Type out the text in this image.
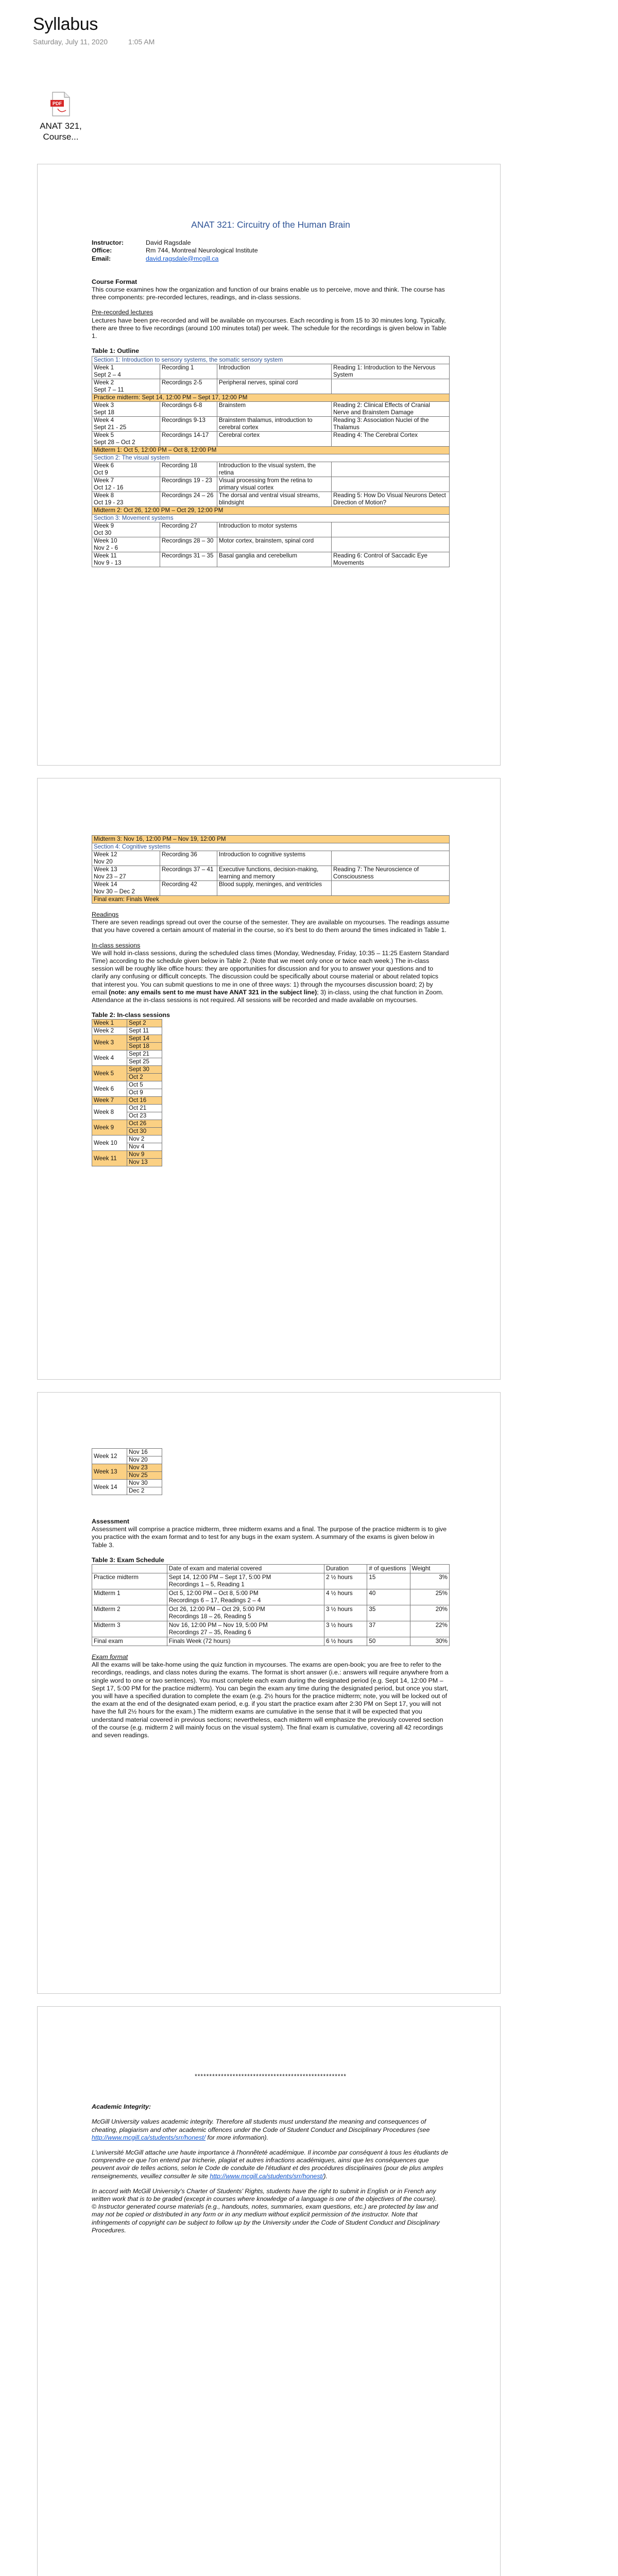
Syllabus
Saturday, July 11, 2020	1:05 AM
PDF
ANAT 321,
Course...
ANAT 321: Circuitry of the Human Brain
Instructor:	David Ragsdale
Office:	Rm 744, Montreal Neurological Institute
Email:	david.ragsdale@mcgill.ca
Course Format

This course examines how the organization and function of our brains enable us to perceive, move and think. The course has three components: pre-recorded lectures, readings, and in-class sessions.

Pre-recorded lectures

Lectures have been pre-recorded and will be available on mycourses. Each recording is from 15 to 30 minutes long. Typically, there are three to five recordings (around 100 minutes total) per week. The schedule for the recordings is given below in Table 1.

Table 1: Outline
Section 1: Introduction to sensory systems, the somatic sensory system			
Week 1
Sept 2 – 4	Recording 1	Introduction	Reading 1: Introduction to the Nervous System
Week 2
Sept 7 – 11	Recordings 2-5	Peripheral nerves, spinal cord	
Practice midterm: Sept 14, 12:00 PM – Sept 17, 12:00 PM			
Week 3
Sept 18	Recordings 6-8	Brainstem	Reading 2: Clinical Effects of Cranial Nerve and Brainstem Damage
Week 4
Sept 21 - 25	Recordings 9-13	Brainstem thalamus, introduction to cerebral cortex	Reading 3: Association Nuclei of the Thalamus
Week 5
Sept 28 – Oct 2	Recordings 14-17	Cerebral cortex	Reading 4: The Cerebral Cortex
Midterm 1: Oct 5, 12:00 PM – Oct 8, 12:00 PM			
Section 2: The visual system			
Week 6
Oct 9	Recording 18	Introduction to the visual system, the retina	
Week 7
Oct 12 - 16	Recordings 19 - 23	Visual processing from the retina to primary visual cortex	
Week 8
Oct 19 - 23	Recordings 24 – 26	The dorsal and ventral visual streams, blindsight	Reading 5: How Do Visual Neurons Detect Direction of Motion?
Midterm 2: Oct 26, 12:00 PM – Oct 29, 12:00 PM			
Section 3: Movement systems			
Week 9
Oct 30	Recording 27	Introduction to motor systems	
Week 10
Nov 2 - 6	Recordings 28 – 30	Motor cortex, brainstem, spinal cord	
Week 11
Nov 9 - 13	Recordings 31 – 35	Basal ganglia and cerebellum	Reading 6: Control of Saccadic Eye Movements
Midterm 3: Nov 16, 12:00 PM – Nov 19, 12:00 PM			
Section 4: Cognitive systems			
Week 12
Nov 20	Recording 36	Introduction to cognitive systems	
Week 13
Nov 23 – 27	Recordings 37 – 41	Executive functions, decision-making, learning and memory	Reading 7: The Neuroscience of Consciousness
Week 14
Nov 30 – Dec 2	Recording 42	Blood supply, meninges, and ventricles	
Final exam: Finals Week			
Readings

There are seven readings spread out over the course of the semester. They are available on mycourses. The readings assume that you have covered a certain amount of material in the course, so it's best to do them around the times indicated in Table 1.

In-class sessions

We will hold in-class sessions, during the scheduled class times (Monday, Wednesday, Friday, 10:35 – 11:25 Eastern Standard Time) according to the schedule given below in Table 2. (Note that we meet only once or twice each week.) The in-class session will be roughly like office hours: they are opportunities for discussion and for you to answer your questions and to clarify any confusing or difficult concepts. The discussion could be specifically about course material or about related topics that interest you. You can submit questions to me in one of three ways: 1) through the mycourses discussion board; 2) by email (note: any emails sent to me must have ANAT 321 in the subject line); 3) in-class, using the chat function in Zoom. Attendance at the in-class sessions is not required. All sessions will be recorded and made available on mycourses.

Table 2: In-class sessions
Week 1	Sept 2
Week 2	Sept 11
Week 3	Sept 14
	Sept 18
Week 4	Sept 21
	Sept 25
Week 5	Sept 30
	Oct 2
Week 6	Oct 5
	Oct 9
Week 7	Oct 16
Week 8	Oct 21
	Oct 23
Week 9	Oct 26
	Oct 30
Week 10	Nov 2
	Nov 4
Week 11	Nov 9
	Nov 13
Week 12	Nov 16
	Nov 20
Week 13	Nov 23
	Nov 25
Week 14	Nov 30
	Dec 2
Assessment

Assessment will comprise a practice midterm, three midterm exams and a final. The purpose of the practice midterm is to give you practice with the exam format and to test for any bugs in the exam system. A summary of the exams is given below in Table 3.

Table 3: Exam Schedule
	Date of exam and material covered	Duration	# of questions	Weight
Practice midterm	Sept 14, 12:00 PM – Sept 17, 5:00 PM
Recordings 1 – 5, Reading 1	2 ½ hours	15	3%
Midterm 1	Oct 5, 12:00 PM – Oct 8, 5:00 PM
Recordings 6 – 17, Readings 2 – 4	4 ½ hours	40	25%
Midterm 2	Oct 26, 12:00 PM – Oct 29, 5:00 PM
Recordings 18 – 26, Reading 5	3 ½ hours	35	20%
Midterm 3	Nov 16, 12:00 PM – Nov 19, 5:00 PM
Recordings 27 – 35, Reading 6	3 ½ hours	37	22%
Final exam	Finals Week (72 hours)	6 ½ hours	50	30%
Exam format

All the exams will be take-home using the quiz function in mycourses. The exams are open-book; you are free to refer to the recordings, readings, and class notes during the exams. The format is short answer (i.e.: answers will require anywhere from a single word to one or two sentences). You must complete each exam during the designated period (e.g. Sept 14, 12:00 PM – Sept 17, 5:00 PM for the practice midterm). You can begin the exam any time during the designated period, but once you start, you will have a specified duration to complete the exam (e.g. 2½ hours for the practice midterm; note, you will be locked out of the exam at the end of the designated exam period, e.g. if you start the practice exam after 2:30 PM on Sept 17, you will not have the full 2½ hours for the exam.) The midterm exams are cumulative in the sense that it will be expected that you understand material covered in previous sections; nevertheless, each midterm will emphasize the previously covered section of the course (e.g. midterm 2 will mainly focus on the visual system). The final exam is cumulative, covering all 42 recordings and seven readings.

****************************************************
Academic Integrity:

McGill University values academic integrity. Therefore all students must understand the meaning and consequences of cheating, plagiarism and other academic offences under the Code of Student Conduct and Disciplinary Procedures (see http://www.mcgill.ca/students/srr/honest/ for more information).

L'université McGill attache une haute importance à l'honnêteté académique. Il incombe par conséquent à tous les étudiants de comprendre ce que l'on entend par tricherie, plagiat et autres infractions académiques, ainsi que les conséquences que peuvent avoir de telles actions, selon le Code de conduite de l'étudiant et des procédures disciplinaires (pour de plus amples renseignements, veuillez consulter le site http://www.mcgill.ca/students/srr/honest/).

In accord with McGill University's Charter of Students' Rights, students have the right to submit in English or in French any written work that is to be graded (except in courses where knowledge of a language is one of the objectives of the course).

© Instructor generated course materials (e.g., handouts, notes, summaries, exam questions, etc.) are protected by law and may not be copied or distributed in any form or in any medium without explicit permission of the instructor. Note that infringements of copyright can be subject to follow up by the University under the Code of Student Conduct and Disciplinary Procedures.
